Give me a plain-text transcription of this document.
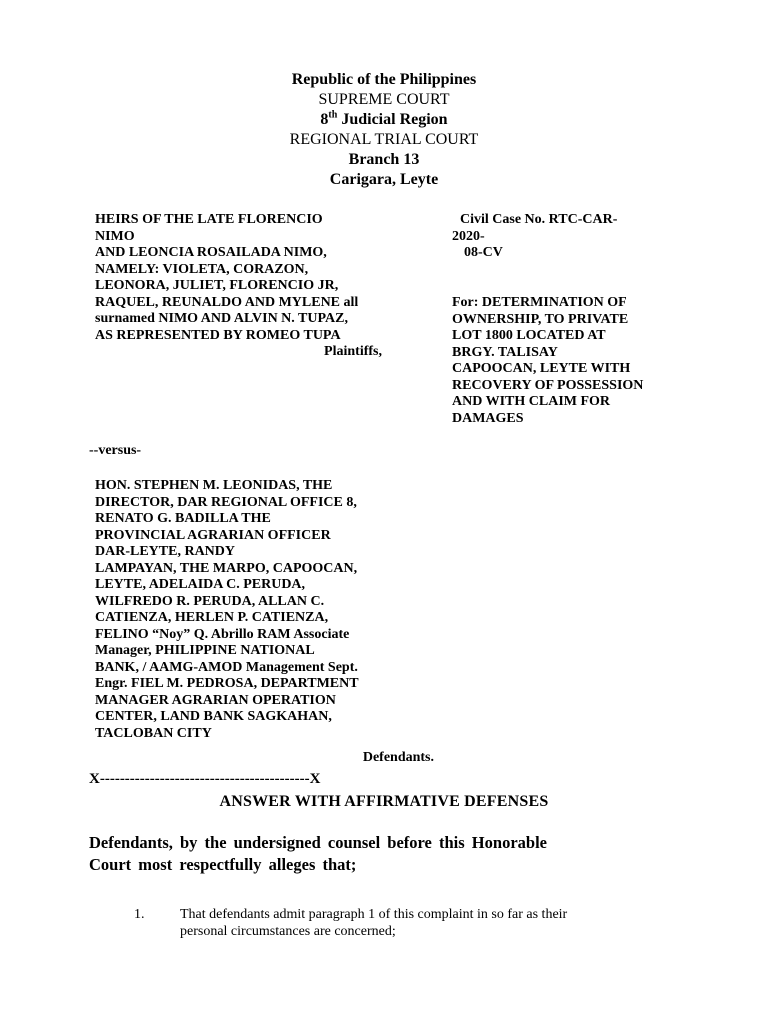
Republic of the Philippines
SUPREME COURT
8th Judicial Region
REGIONAL TRIAL COURT
Branch 13
Carigara, Leyte
HEIRS OF THE LATE FLORENCIO
NIMO
AND LEONCIA ROSAILADA NIMO,
NAMELY: VIOLETA, CORAZON,
LEONORA, JULIET, FLORENCIO JR,
RAQUEL, REUNALDO AND MYLENE all
surnamed NIMO AND ALVIN N. TUPAZ,
AS REPRESENTED BY ROMEO TUPA
Plaintiffs,
Civil Case No. RTC-CAR-
2020-
08-CV
For: DETERMINATION OF
OWNERSHIP, TO PRIVATE
LOT 1800 LOCATED AT
BRGY. TALISAY
CAPOOCAN, LEYTE WITH
RECOVERY OF POSSESSION
AND WITH CLAIM FOR
DAMAGES
--versus-
HON. STEPHEN M. LEONIDAS, THE
DIRECTOR, DAR REGIONAL OFFICE 8,
RENATO G. BADILLA THE
PROVINCIAL AGRARIAN OFFICER
DAR-LEYTE, RANDY
LAMPAYAN, THE MARPO, CAPOOCAN,
LEYTE, ADELAIDA C. PERUDA,
WILFREDO R. PERUDA, ALLAN C.
CATIENZA, HERLEN P. CATIENZA,
FELINO “Noy” Q. Abrillo RAM Associate
Manager, PHILIPPINE NATIONAL
BANK, / AAMG-AMOD Management Sept.
Engr. FIEL M. PEDROSA, DEPARTMENT
MANAGER AGRARIAN OPERATION
CENTER, LAND BANK SAGKAHAN,
TACLOBAN CITY
Defendants.
X------------------------------------------X
ANSWER WITH AFFIRMATIVE DEFENSES
Defendants, by the undersigned counsel before this Honorable
Court most respectfully alleges that;
1.	That defendants admit paragraph 1 of this complaint in so far as their
personal circumstances are concerned;
